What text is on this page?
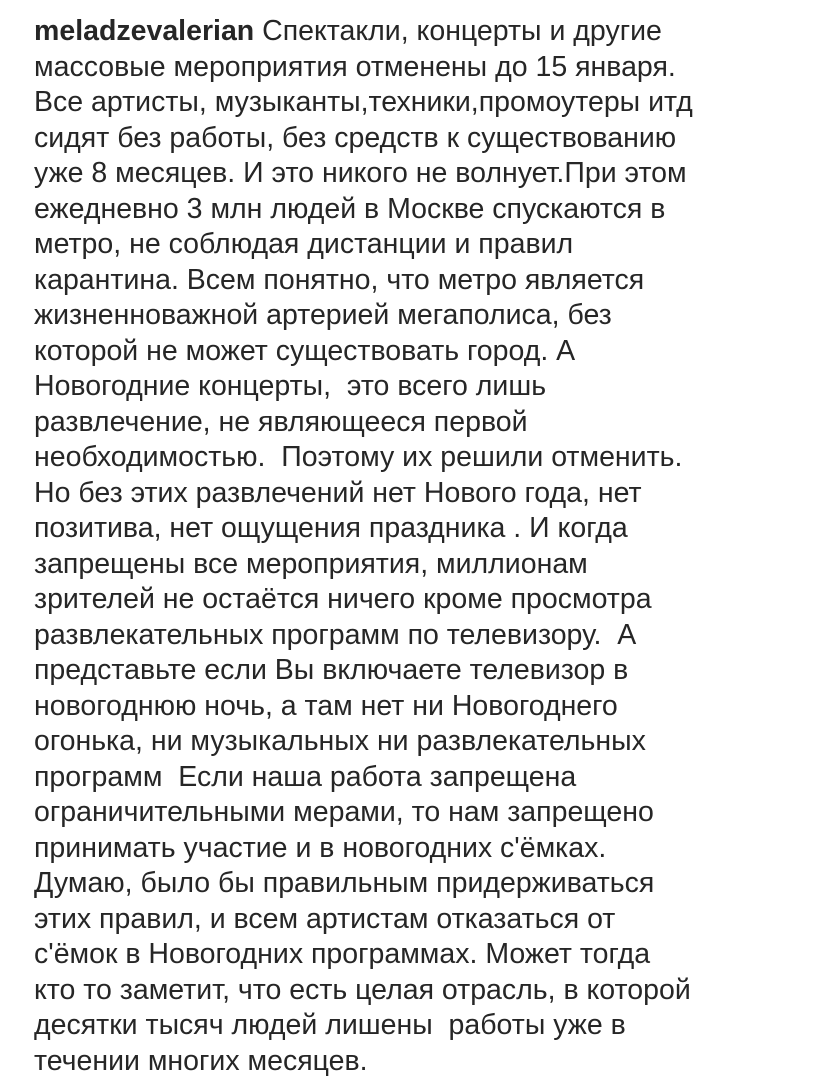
meladzevalerian Спектакли, концерты и другие
массовые мероприятия отменены до 15 января.
Все артисты, музыканты,техники,промоутеры итд
сидят без работы, без средств к существованию
уже 8 месяцев. И это никого не волнует.При этом
ежедневно 3 млн людей в Москве спускаются в
метро, не соблюдая дистанции и правил
карантина. Всем понятно, что метро является
жизненноважной артерией мегаполиса, без
которой не может существовать город. А
Новогодние концерты,  это всего лишь
развлечение, не являющееся первой
необходимостью.  Поэтому их решили отменить.
Но без этих развлечений нет Нового года, нет
позитива, нет ощущения праздника . И когда
запрещены все мероприятия, миллионам
зрителей не остаётся ничего кроме просмотра
развлекательных программ по телевизору.  А
представьте если Вы включаете телевизор в
новогоднюю ночь, а там нет ни Новогоднего
огонька, ни музыкальных ни развлекательных
программ  Если наша работа запрещена
ограничительными мерами, то нам запрещено
принимать участие и в новогодних с'ёмках.
Думаю, было бы правильным придерживаться
этих правил, и всем артистам отказаться от
с'ёмок в Новогодних программах. Может тогда
кто то заметит, что есть целая отрасль, в которой
десятки тысяч людей лишены  работы уже в
течении многих месяцев.
